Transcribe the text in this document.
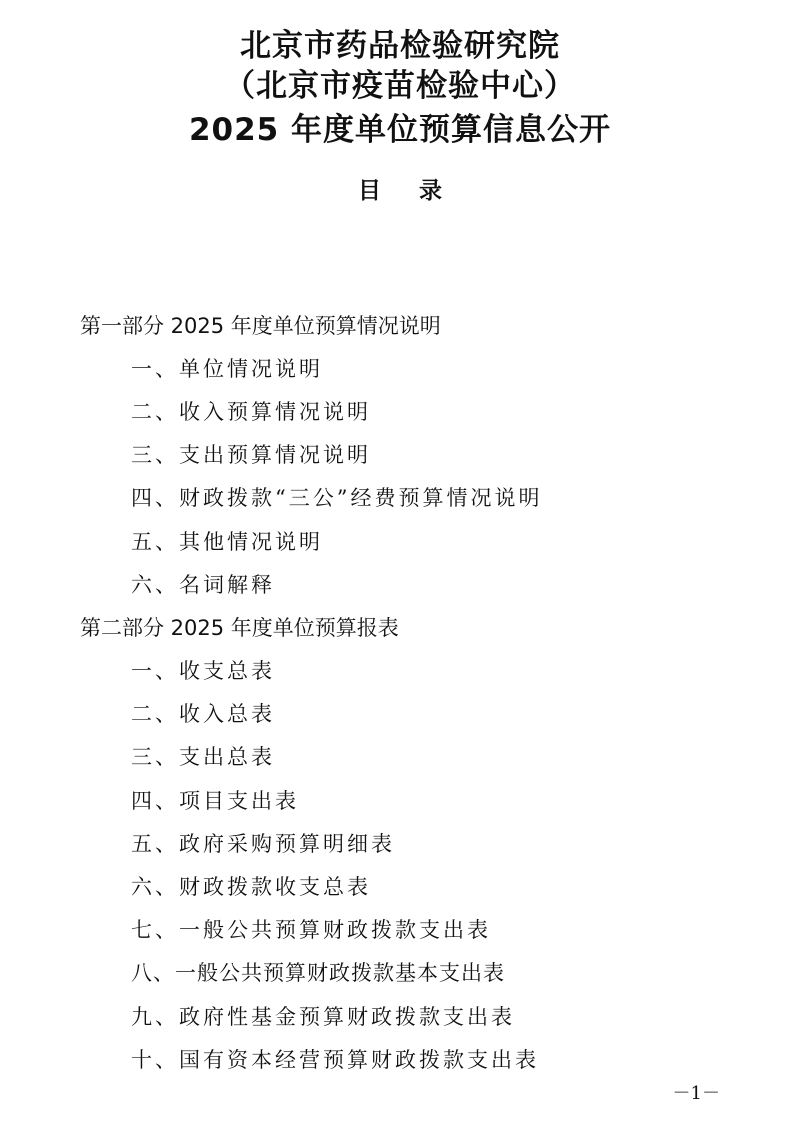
北京市药品检验研究院
（北京市疫苗检验中心）
2025 年度单位预算信息公开
目 录
第一部分 2025 年度单位预算情况说明
一、单位情况说明
二、收入预算情况说明
三、支出预算情况说明
四、财政拨款“三公”经费预算情况说明
五、其他情况说明
六、名词解释
第二部分 2025 年度单位预算报表
一、收支总表
二、收入总表
三、支出总表
四、项目支出表
五、政府采购预算明细表
六、财政拨款收支总表
七、一般公共预算财政拨款支出表
八、一般公共预算财政拨款基本支出表
九、政府性基金预算财政拨款支出表
十、国有资本经营预算财政拨款支出表
－1－
